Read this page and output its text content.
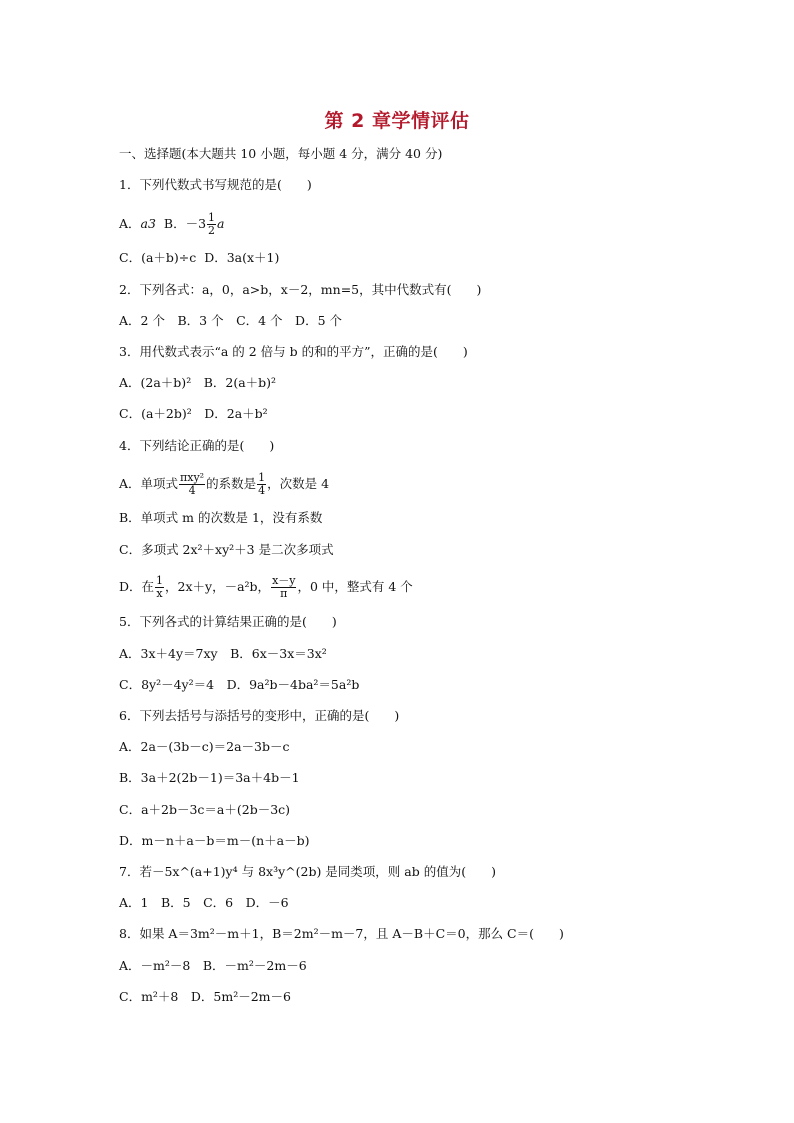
第 2 章学情评估
一、选择题(本大题共 10 小题，每小题 4 分，满分 40 分)
1．下列代数式书写规范的是(　　)
A．a3 B．$-3 \frac{1}{2}$ a
C．(a＋b)÷c D．3a(x＋1)
2．下列各式：a，0，a>b，x－2，mn=5，其中代数式有(　　)
A．2 个　B．3 个　C．4 个　D．5 个
3．用代数式表示“a 的 2 倍与 b 的和的平方”，正确的是(　　)
A．(2a＋b)²　B．2(a＋b)²
C．(a＋2b)²　D．2a＋b²
4．下列结论正确的是(　　)
A．单项式 $\frac{\text{πxy²}}{4}$ 的系数是 $\frac{1}{4}$ ，次数是 4
B．单项式 m 的次数是 1，没有系数
C．多项式 2x²＋xy²＋3 是二次多项式
D．在 $\frac{1}{x}$ ，2x＋y，－a²b， $\frac{x-y}{\pi}$ ，0 中，整式有 4 个
5．下列各式的计算结果正确的是(　　)
A．3x＋4y＝7xy　B．6x－3x＝3x²
C．8y²－4y²＝4　D．9a²b－4ba²＝5a²b
6．下列去括号与添括号的变形中，正确的是(　　)
A．2a－(3b－c)＝2a－3b－c
B．3a＋2(2b－1)＝3a＋4b－1
C．a＋2b－3c＝a＋(2b－3c)
D．m－n＋a－b＝m－(n＋a－b)
7．若－5x^(a+1)y⁴ 与 8x³y^(2b) 是同类项，则 ab 的值为(　　)
A．1　B．5　C．6　D．－6
8．如果 A＝3m²－m＋1，B＝2m²－m－7，且 A－B＋C＝0，那么 C＝(　　)
A．－m²－8　B．－m²－2m－6
C．m²＋8　D．5m²－2m－6
